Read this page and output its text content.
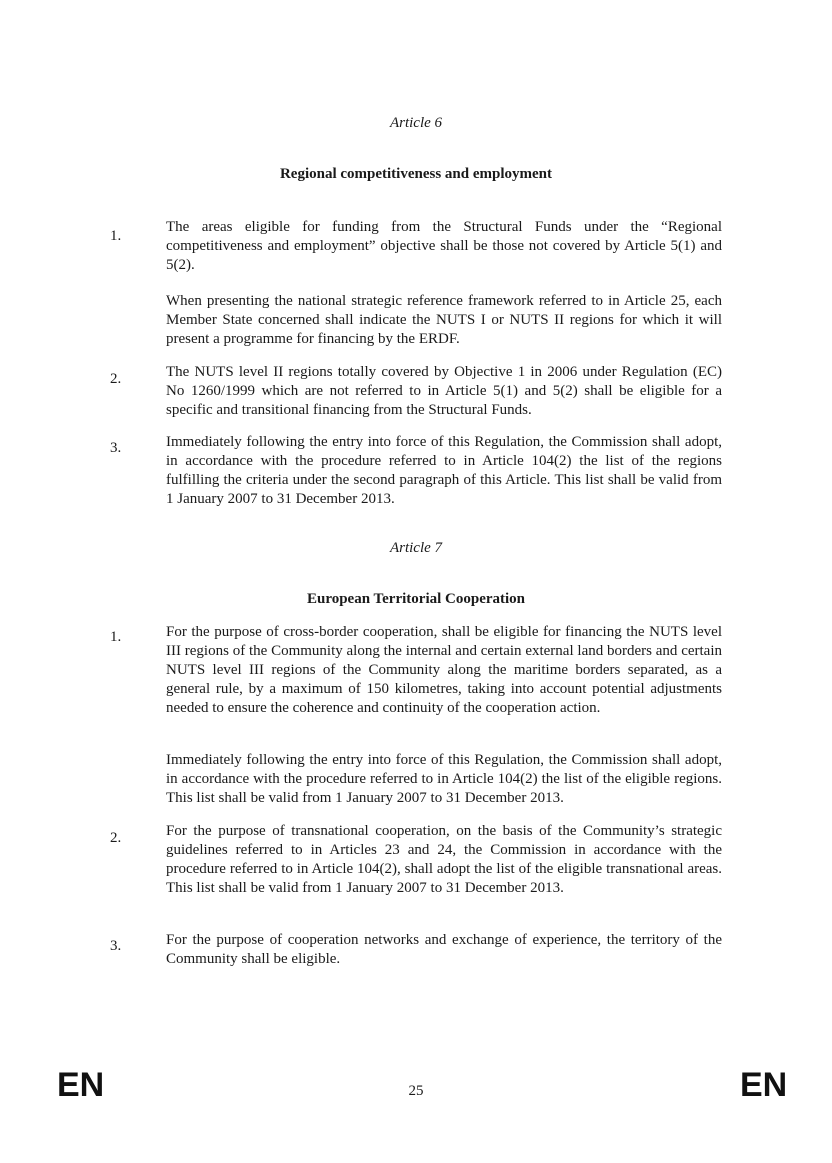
Article 6
Regional competitiveness and employment
1.
The areas eligible for funding from the Structural Funds under the “Regional competitiveness and employment” objective shall be those not covered by Article 5(1) and 5(2).
When presenting the national strategic reference framework referred to in Article 25, each Member State concerned shall indicate the NUTS I or NUTS II regions for which it will present a programme for financing by the ERDF.
2.	The NUTS level II regions totally covered by Objective 1 in 2006 under Regulation (EC) No 1260/1999 which are not referred to in Article 5(1) and 5(2) shall be eligible for a specific and transitional financing from the Structural Funds.
3.	Immediately following the entry into force of this Regulation, the Commission shall adopt, in accordance with the procedure referred to in Article 104(2) the list of the regions fulfilling the criteria under the second paragraph of this Article. This list shall be valid from 1 January 2007 to 31 December 2013.
Article 7
European Territorial Cooperation
1.	For the purpose of cross-border cooperation, shall be eligible for financing the NUTS level III regions of the Community along the internal and certain external land borders and certain NUTS level III regions of the Community along the maritime borders separated, as a general rule, by a maximum of 150 kilometres, taking into account potential adjustments needed to ensure the coherence and continuity of the cooperation action.
Immediately following the entry into force of this Regulation, the Commission shall adopt, in accordance with the procedure referred to in Article 104(2) the list of the eligible regions. This list shall be valid from 1 January 2007 to 31 December 2013.
2.	For the purpose of transnational cooperation, on the basis of the Community’s strategic guidelines referred to in Articles 23 and 24, the Commission in accordance with the procedure referred to in Article 104(2), shall adopt the list of the eligible transnational areas. This list shall be valid from 1 January 2007 to 31 December 2013.
3.	For the purpose of cooperation networks and exchange of experience, the territory of the Community shall be eligible.
EN	25	EN
